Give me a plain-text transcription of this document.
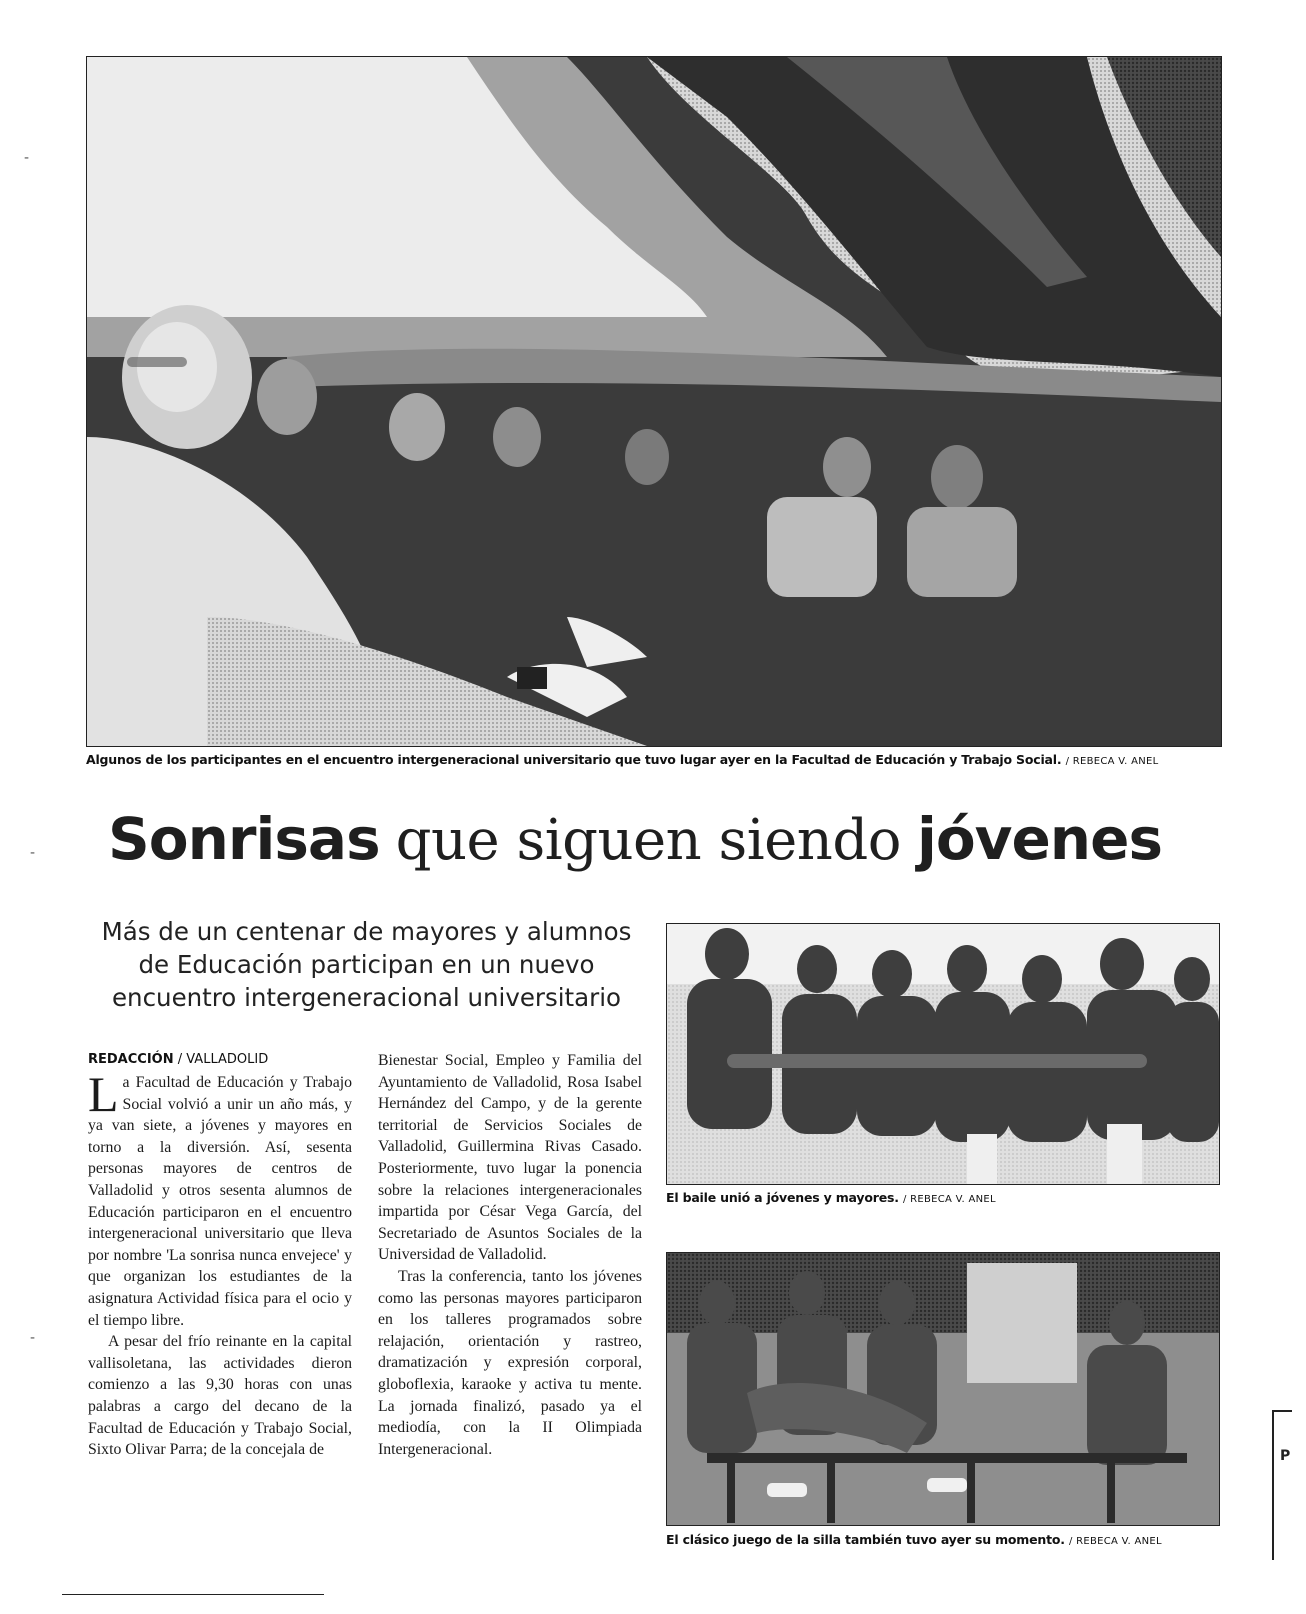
Algunos de los participantes en el encuentro intergeneracional universitario que tuvo lugar ayer en la Facultad de Educación y Trabajo Social. / REBECA V. ANEL
Sonrisas que siguen siendo jóvenes
Más de un centenar de mayores y alumnos
de Educación participan en un nuevo
encuentro intergeneracional universitario
REDACCIÓN / VALLADOLID

La Facultad de Educación y Trabajo Social volvió a unir un año más, y ya van siete, a jóvenes y mayores en torno a la diversión. Así, sesenta personas mayores de centros de Valladolid y otros sesenta alumnos de Educación participaron en el encuentro intergeneracional universitario que lleva por nombre 'La sonrisa nunca envejece' y que organizan los estudiantes de la asignatura Actividad física para el ocio y el tiempo libre.

A pesar del frío reinante en la capital vallisoletana, las actividades dieron comienzo a las 9,30 horas con unas palabras a cargo del decano de la Facultad de Educación y Trabajo Social, Sixto Olivar Parra; de la concejala de

Bienestar Social, Empleo y Familia del Ayuntamiento de Valladolid, Rosa Isabel Hernández del Campo, y de la gerente territorial de Servicios Sociales de Valladolid, Guillermina Rivas Casado. Posteriormente, tuvo lugar la ponencia sobre la relaciones intergeneracionales impartida por César Vega García, del Secretariado de Asuntos Sociales de la Universidad de Valladolid.

Tras la conferencia, tanto los jóvenes como las personas mayores participaron en los talleres programados sobre relajación, orientación y rastreo, dramatización y expresión corporal, globoflexia, karaoke y activa tu mente. La jornada finalizó, pasado ya el mediodía, con la II Olimpiada Intergeneracional.

El baile unió a jóvenes y mayores. / REBECA V. ANEL
El clásico juego de la silla también tuvo ayer su momento. / REBECA V. ANEL
P
-
-
-
